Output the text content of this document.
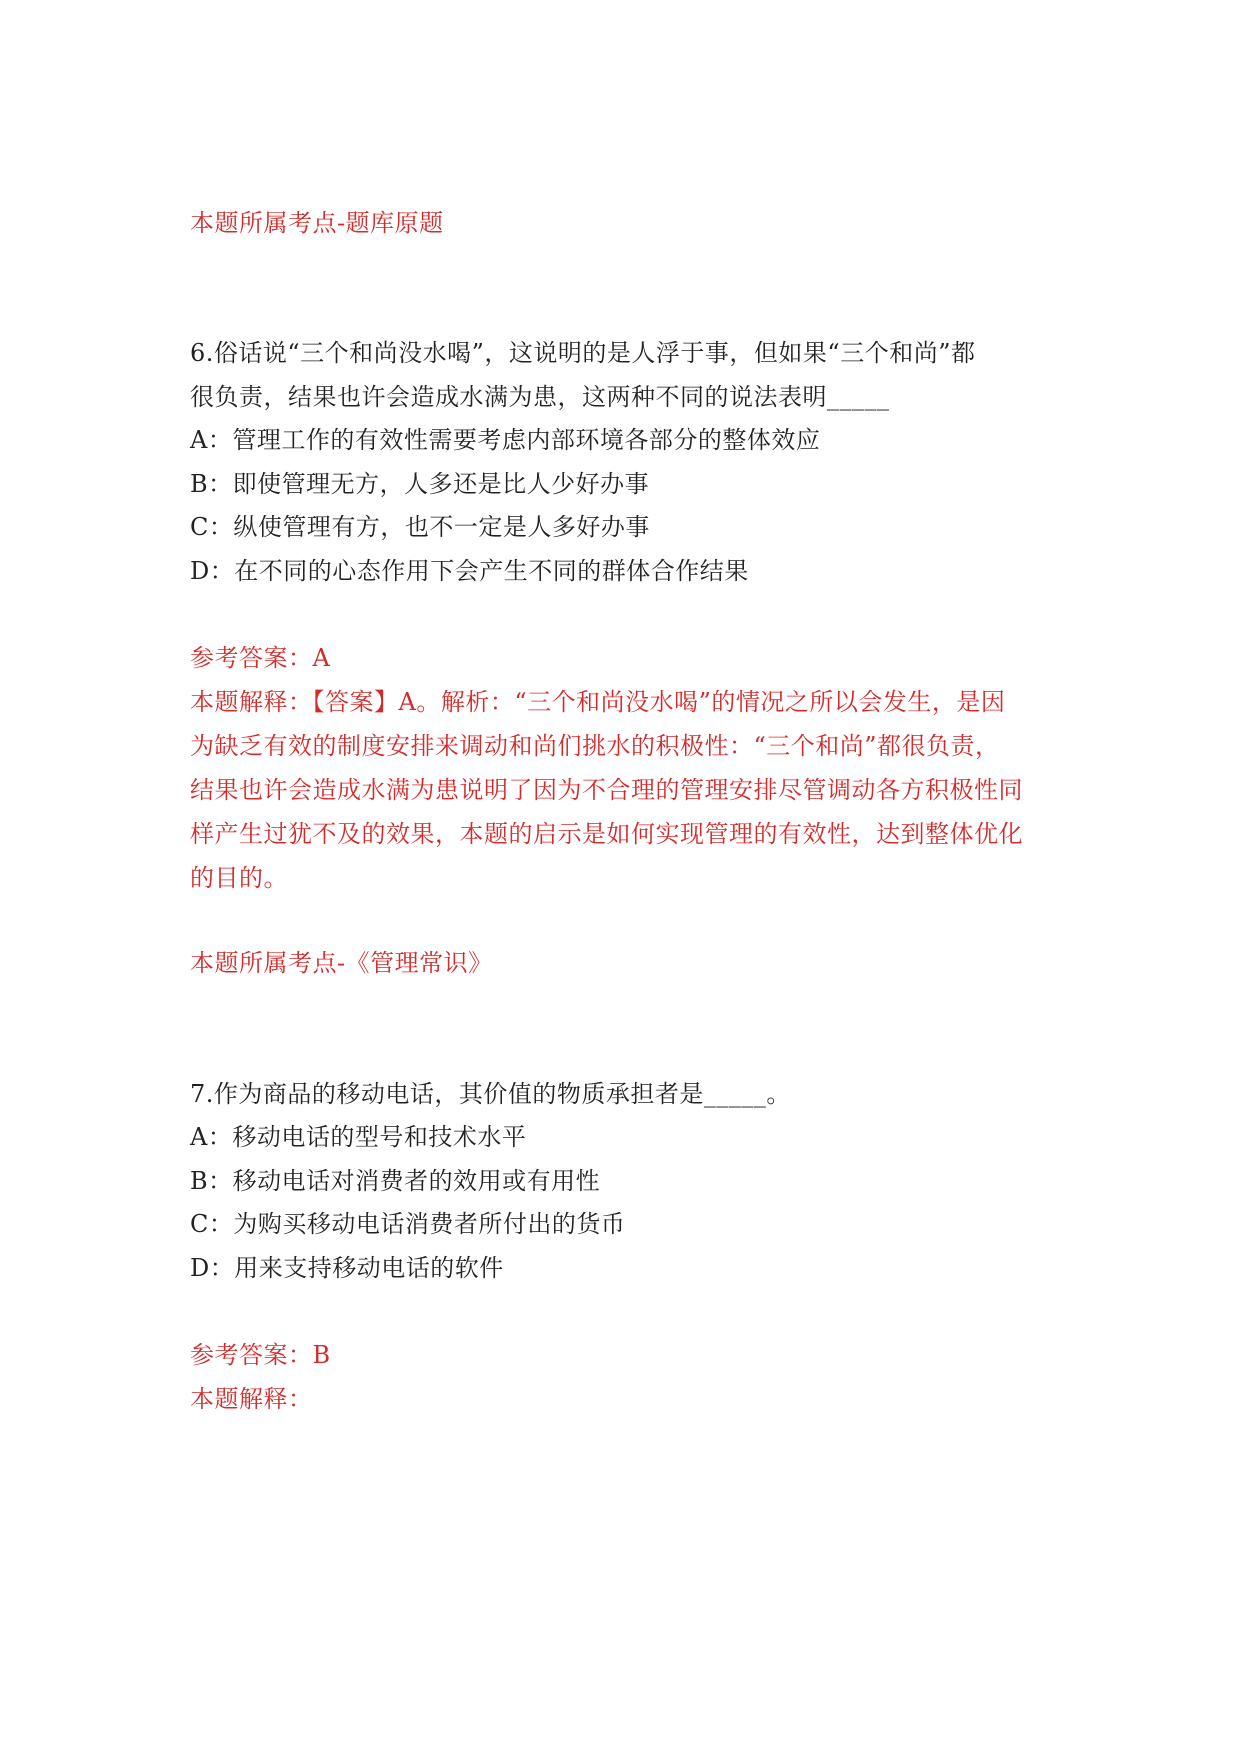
本题所属考点-题库原题
6.俗话说“三个和尚没水喝”，这说明的是人浮于事，但如果“三个和尚”都
很负责，结果也许会造成水满为患，这两种不同的说法表明_____
A：管理工作的有效性需要考虑内部环境各部分的整体效应
B：即使管理无方，人多还是比人少好办事
C：纵使管理有方，也不一定是人多好办事
D：在不同的心态作用下会产生不同的群体合作结果
参考答案：A
本题解释：【答案】A。解析：“三个和尚没水喝”的情况之所以会发生，是因
为缺乏有效的制度安排来调动和尚们挑水的积极性：“三个和尚”都很负责，
结果也许会造成水满为患说明了因为不合理的管理安排尽管调动各方积极性同
样产生过犹不及的效果，本题的启示是如何实现管理的有效性，达到整体优化
的目的。
本题所属考点-《管理常识》
7.作为商品的移动电话，其价值的物质承担者是_____。
A：移动电话的型号和技术水平
B：移动电话对消费者的效用或有用性
C：为购买移动电话消费者所付出的货币
D：用来支持移动电话的软件
参考答案：B
本题解释：
